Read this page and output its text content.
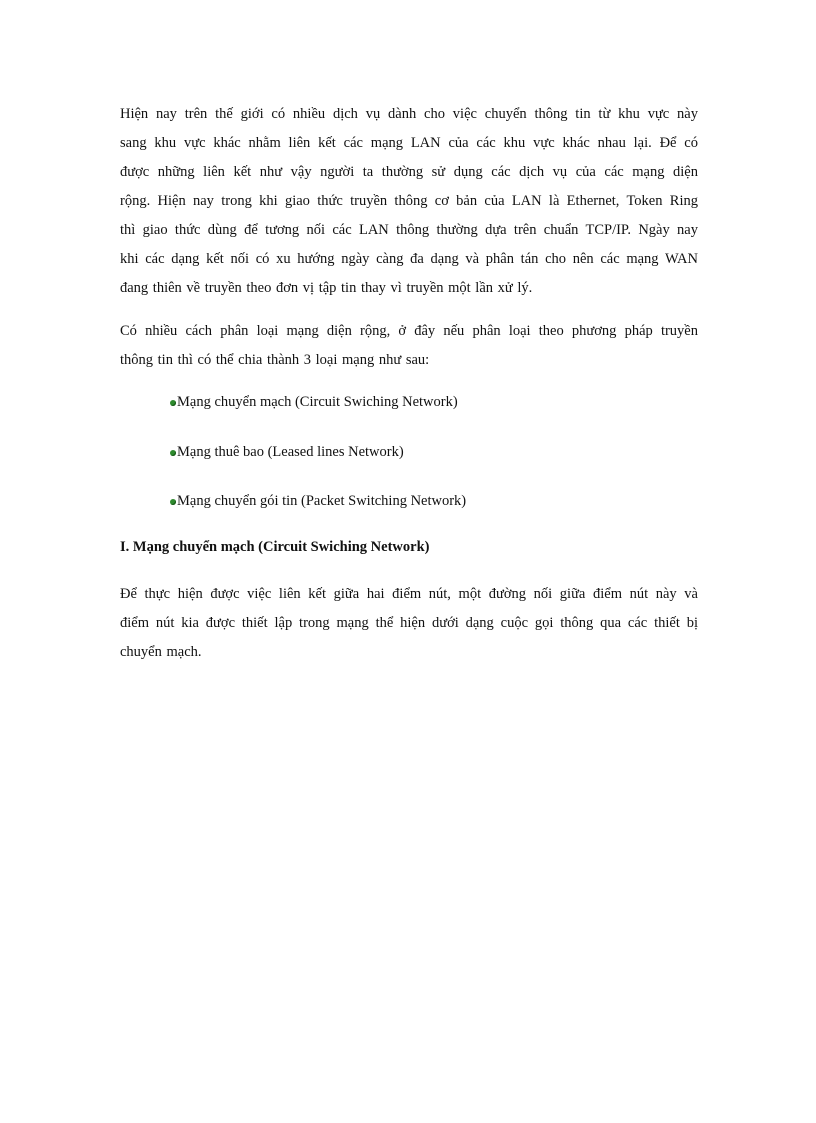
Hiện nay trên thế giới có nhiều dịch vụ dành cho việc chuyển thông tin từ khu vực này
sang khu vực khác nhằm liên kết các mạng LAN của các khu vực khác nhau lại. Để có
được những liên kết như vậy người ta thường sử dụng các dịch vụ của các mạng diện
rộng. Hiện nay trong khi giao thức truyền thông cơ bản của LAN là Ethernet, Token Ring
thì giao thức dùng để tương nối các LAN thông thường dựa trên chuẩn TCP/IP. Ngày nay
khi các dạng kết nối có xu hướng ngày càng đa dạng và phân tán cho nên các mạng WAN
đang thiên về truyền theo đơn vị tập tin thay vì truyền một lần xử lý.
Có nhiều cách phân loại mạng diện rộng, ở đây nếu phân loại theo phương pháp truyền
thông tin thì có thể chia thành 3 loại mạng như sau:
Mạng chuyển mạch (Circuit Swiching Network)
Mạng thuê bao (Leased lines Network)
Mạng chuyển gói tin (Packet Switching Network)
I. Mạng chuyển mạch (Circuit Swiching Network)
Để thực hiện được việc liên kết giữa hai điểm nút, một đường nối giữa điểm nút này và
điểm nút kia được thiết lập trong mạng thể hiện dưới dạng cuộc gọi thông qua các thiết bị
chuyển mạch.
